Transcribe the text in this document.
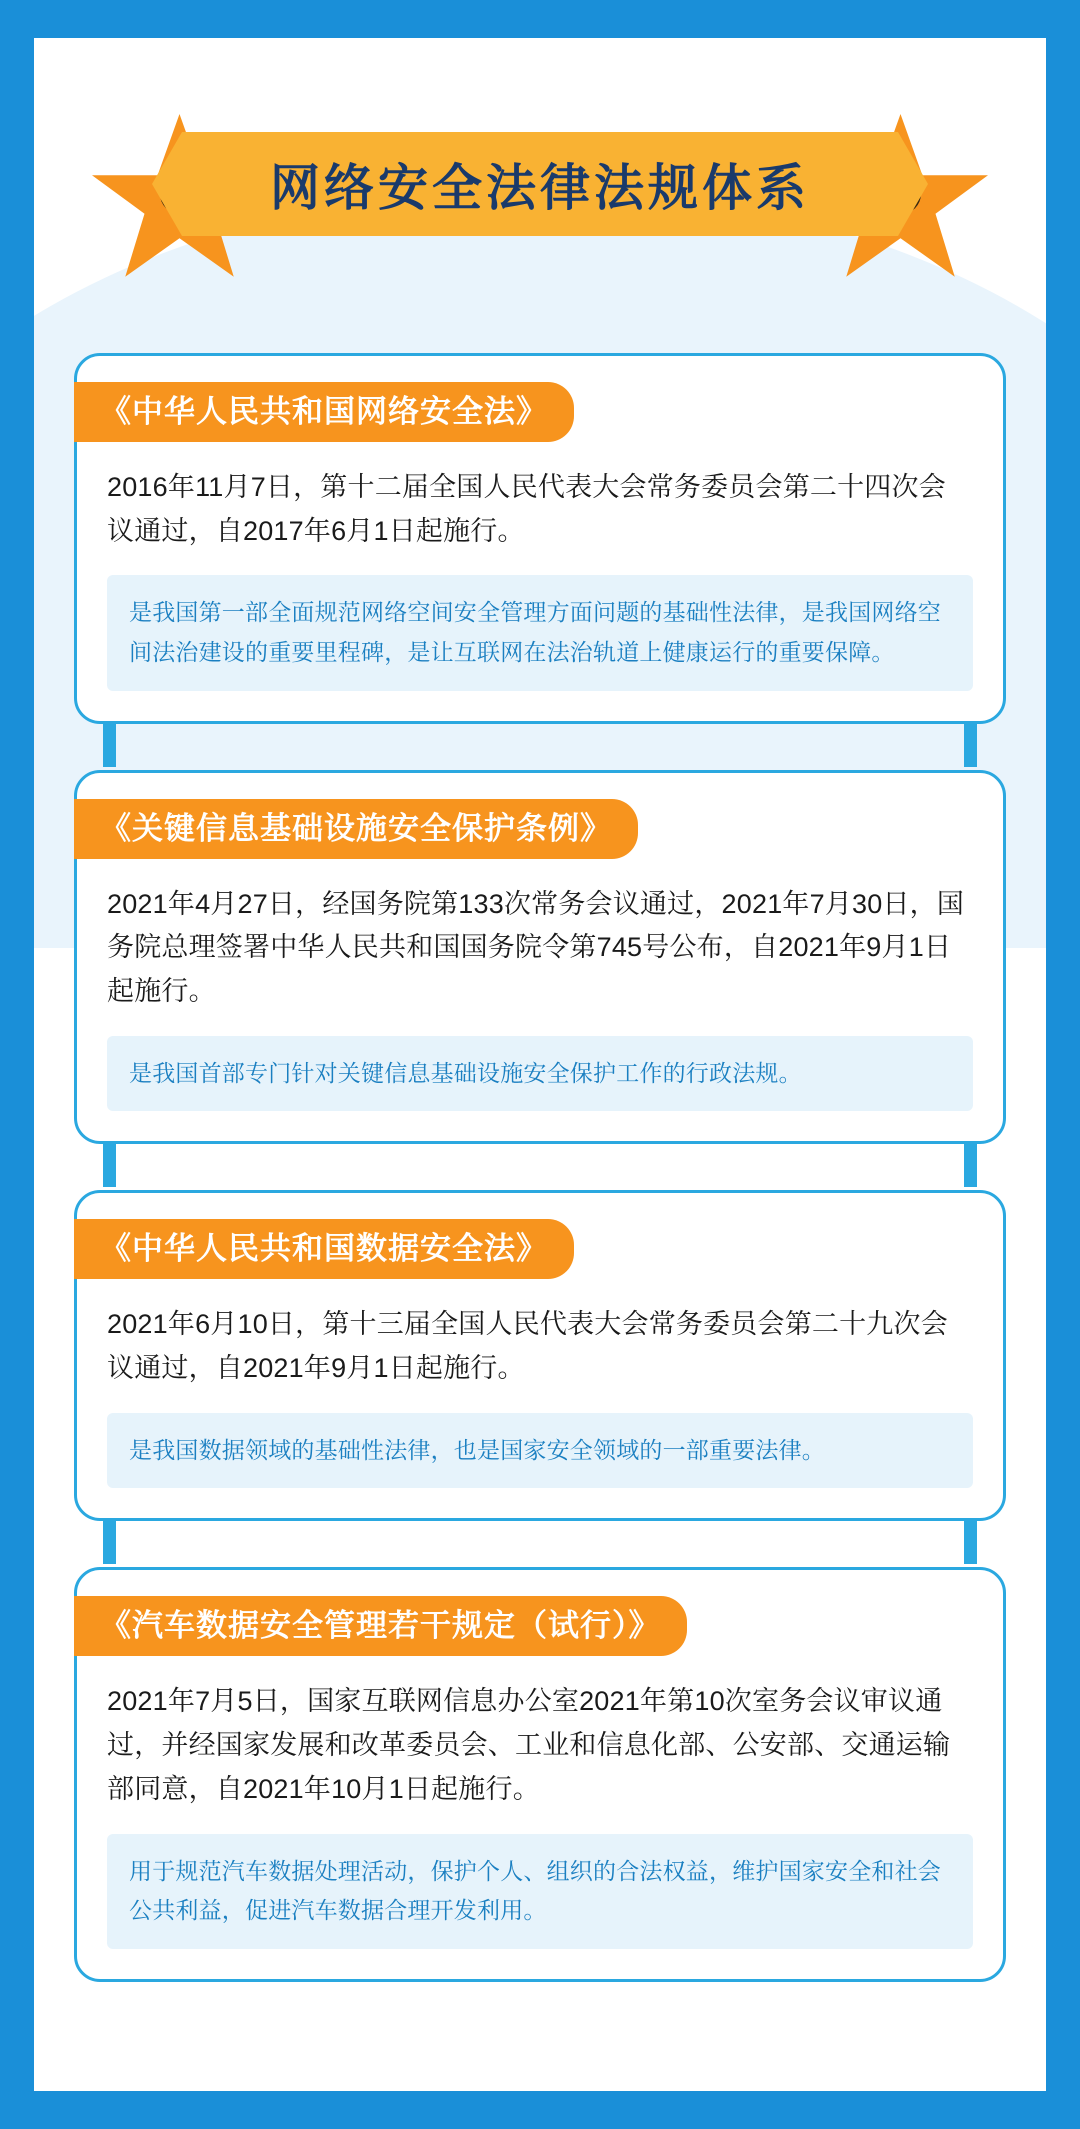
网络安全法律法规体系
《中华人民共和国网络安全法》
2016年11月7日，第十二届全国人民代表大会常务委员会第二十四次会议通过，自2017年6月1日起施行。
是我国第一部全面规范网络空间安全管理方面问题的基础性法律，是我国网络空间法治建设的重要里程碑，是让互联网在法治轨道上健康运行的重要保障。
《关键信息基础设施安全保护条例》
2021年4月27日，经国务院第133次常务会议通过，2021年7月30日，国务院总理签署中华人民共和国国务院令第745号公布，自2021年9月1日起施行。
是我国首部专门针对关键信息基础设施安全保护工作的行政法规。
《中华人民共和国数据安全法》
2021年6月10日，第十三届全国人民代表大会常务委员会第二十九次会议通过，自2021年9月1日起施行。
是我国数据领域的基础性法律，也是国家安全领域的一部重要法律。
《汽车数据安全管理若干规定（试行）》
2021年7月5日，国家互联网信息办公室2021年第10次室务会议审议通过，并经国家发展和改革委员会、工业和信息化部、公安部、交通运输部同意，自2021年10月1日起施行。
用于规范汽车数据处理活动，保护个人、组织的合法权益，维护国家安全和社会公共利益，促进汽车数据合理开发利用。
